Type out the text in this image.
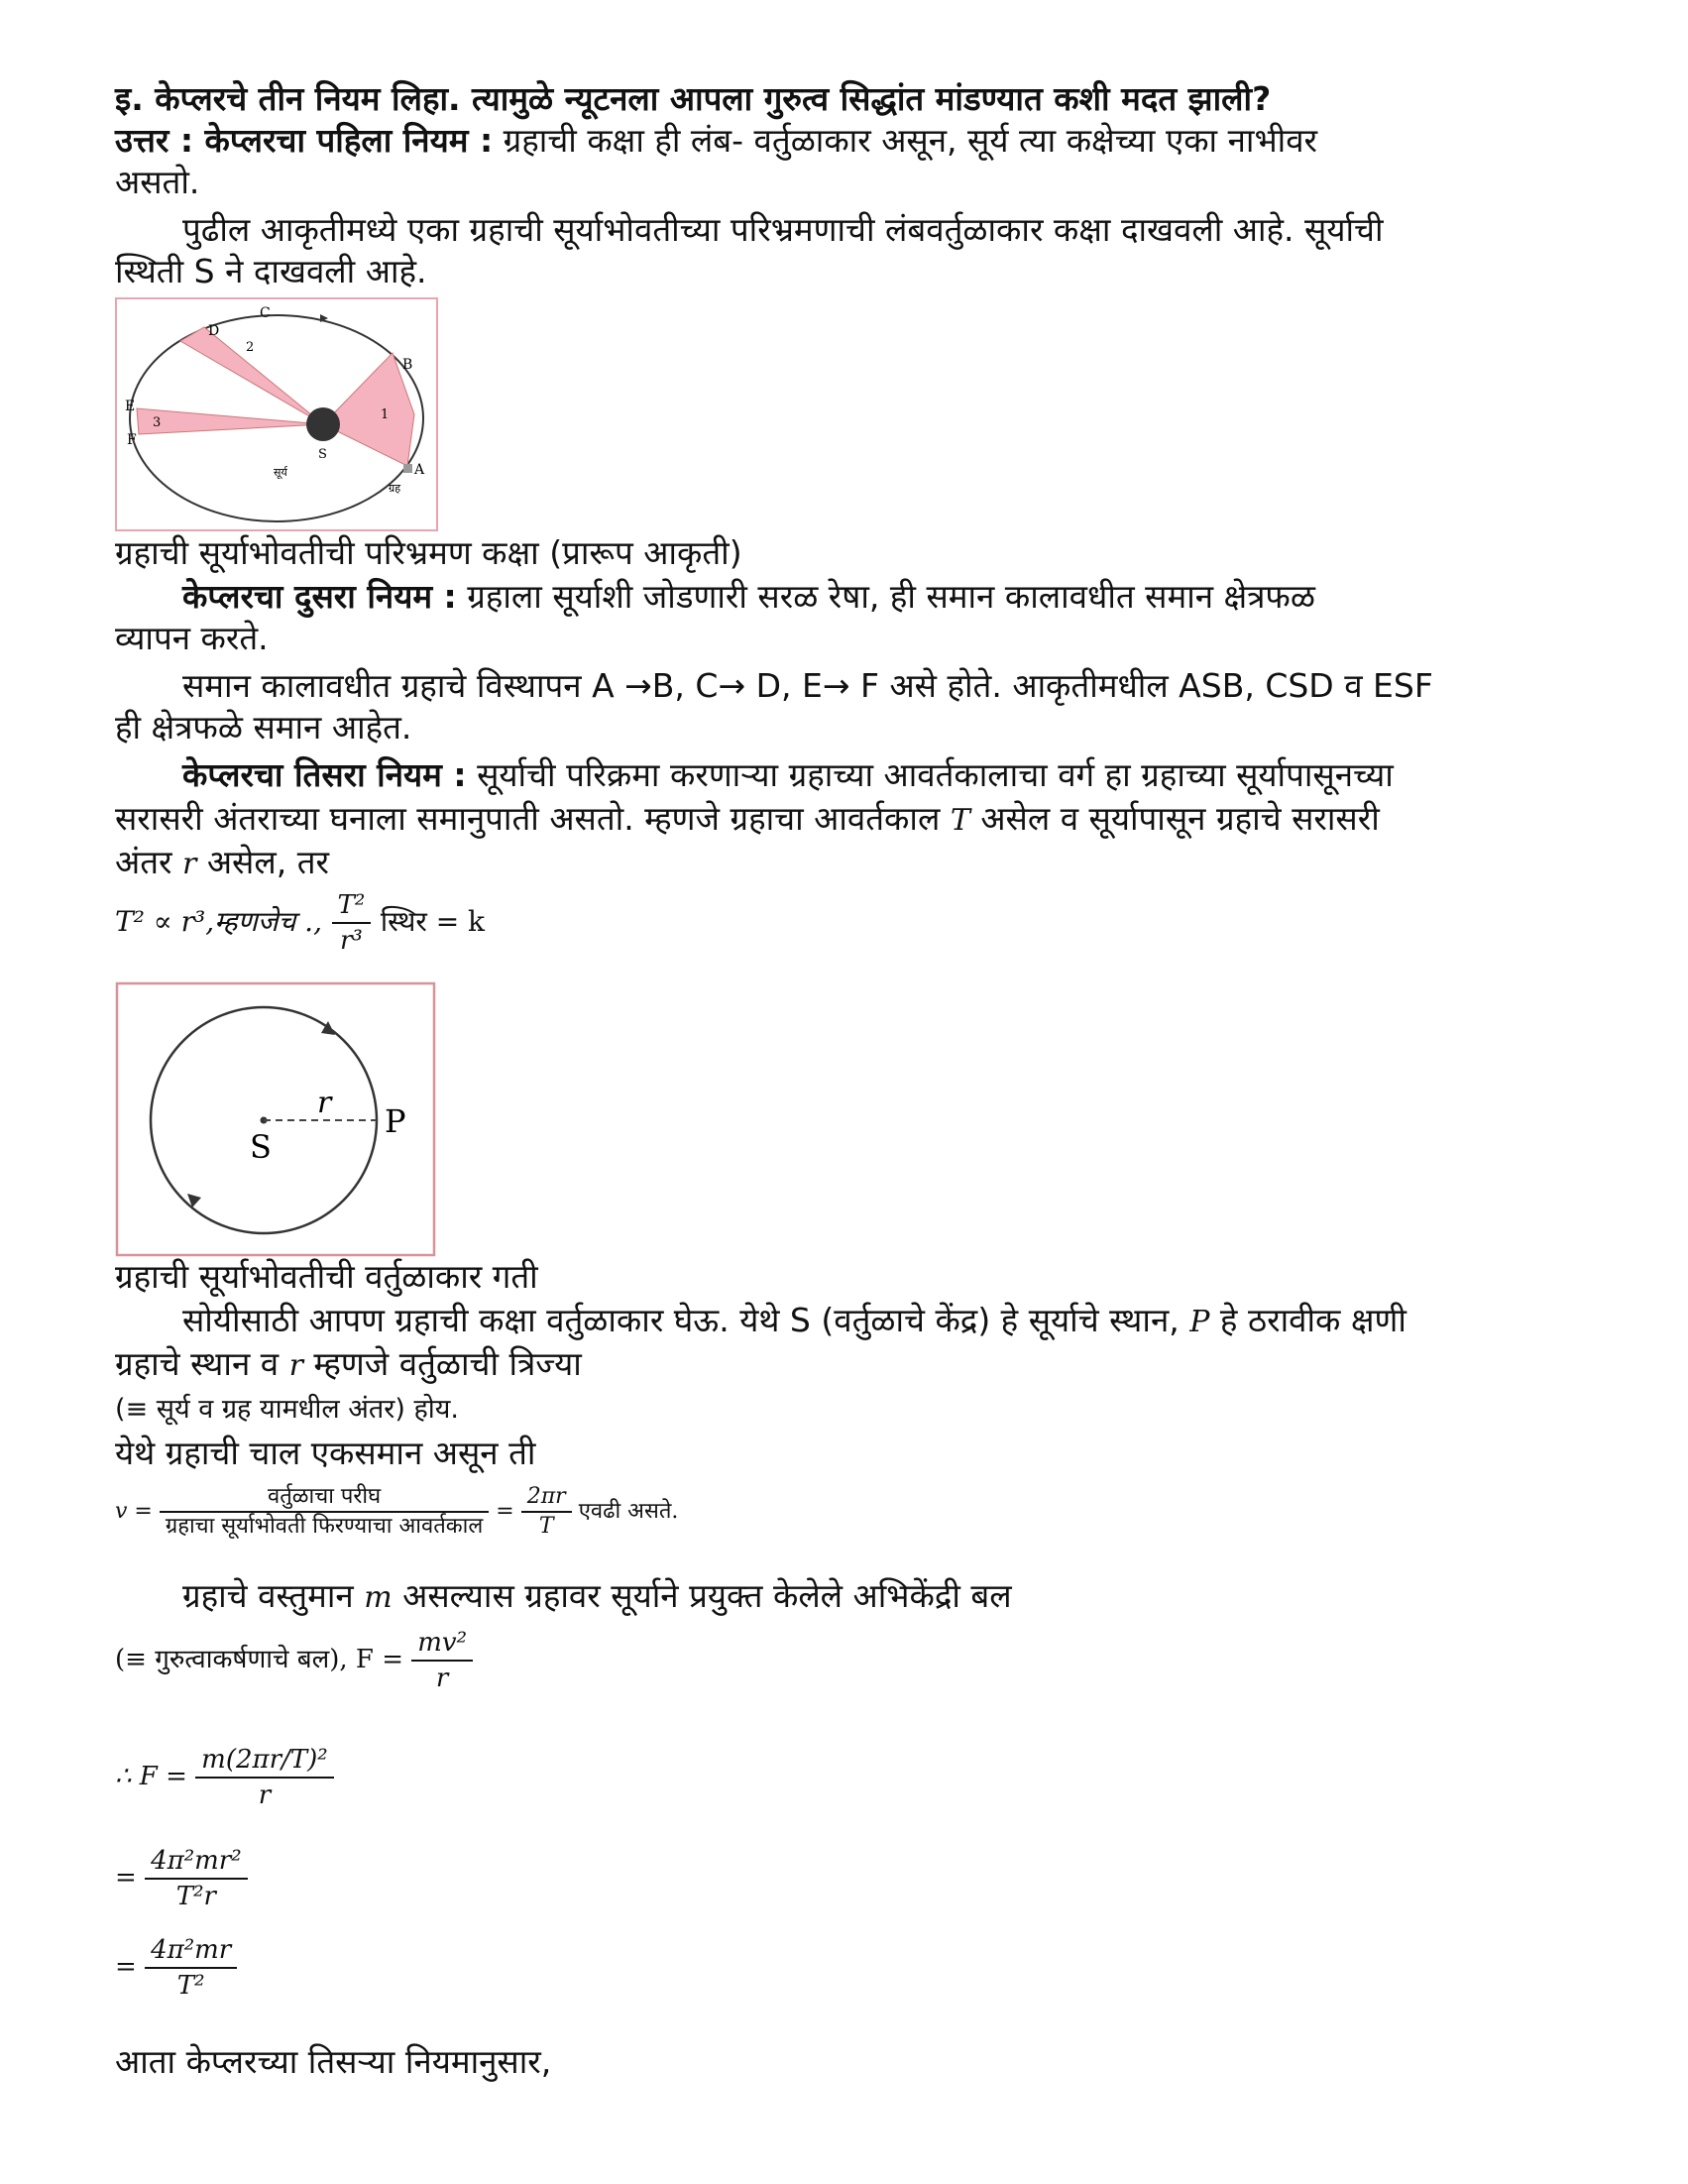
इ. केप्लरचे तीन नियम लिहा. त्यामुळे न्यूटनला आपला गुरुत्व सिद्धांत मांडण्यात कशी मदत झाली?
उत्तर : केप्लरचा पहिला नियम : ग्रहाची कक्षा ही लंब- वर्तुळाकार असून, सूर्य त्या कक्षेच्या एका नाभीवर
असतो.
पुढील आकृतीमध्ये एका ग्रहाची सूर्याभोवतीच्या परिभ्रमणाची लंबवर्तुळाकार कक्षा दाखवली आहे. सूर्याची
स्थिती S ने दाखवली आहे.
D
C
B
E
F
A
S
1
2
3
सूर्य
ग्रह
ग्रहाची सूर्याभोवतीची परिभ्रमण कक्षा (प्रारूप आकृती)
केप्लरचा दुसरा नियम : ग्रहाला सूर्याशी जोडणारी सरळ रेषा, ही समान कालावधीत समान क्षेत्रफळ
व्यापन करते.
समान कालावधीत ग्रहाचे विस्थापन A →B, C→ D, E→ F असे होते. आकृतीमधील ASB, CSD व ESF
ही क्षेत्रफळे समान आहेत.
केप्लरचा तिसरा नियम : सूर्याची परिक्रमा करणाऱ्या ग्रहाच्या आवर्तकालाचा वर्ग हा ग्रहाच्या सूर्यापासूनच्या
सरासरी अंतराच्या घनाला समानुपाती असतो. म्हणजे ग्रहाचा आवर्तकाल T असेल व सूर्यापासून ग्रहाचे सरासरी
अंतर r असेल, तर
T² ∝ r³,म्हणजेच ., $\frac{\text{T²}}{\text{r³}}$ स्थिर = k
S
P
r
ग्रहाची सूर्याभोवतीची वर्तुळाकार गती
सोयीसाठी आपण ग्रहाची कक्षा वर्तुळाकार घेऊ. येथे S (वर्तुळाचे केंद्र) हे सूर्याचे स्थान, P हे ठरावीक क्षणी
ग्रहाचे स्थान व r म्हणजे वर्तुळाची त्रिज्या
(≡ सूर्य व ग्रह यामधील अंतर) होय.
येथे ग्रहाची चाल एकसमान असून ती
$v = \frac{\text{वर्तुळाचा परीघ}}{\text{ग्रहाचा सूर्याभोवती फिरण्याचा आवर्तकाल}} = \frac{2\pi r}{T}$ एवढी असते.
ग्रहाचे वस्तुमान m असल्यास ग्रहावर सूर्याने प्रयुक्त केलेले अभिकेंद्री बल
(≡ गुरुत्वाकर्षणाचे बल), $F = \frac{\text{mv²}}{r}$
∴ $F = \frac{\text{m(2πr/T)²}}{r}$
= $\frac{\text{4π²mr²}}{\text{T²r}}$
= $\frac{\text{4π²mr}}{\text{T²}}$
आता केप्लरच्या तिसऱ्या नियमानुसार,
